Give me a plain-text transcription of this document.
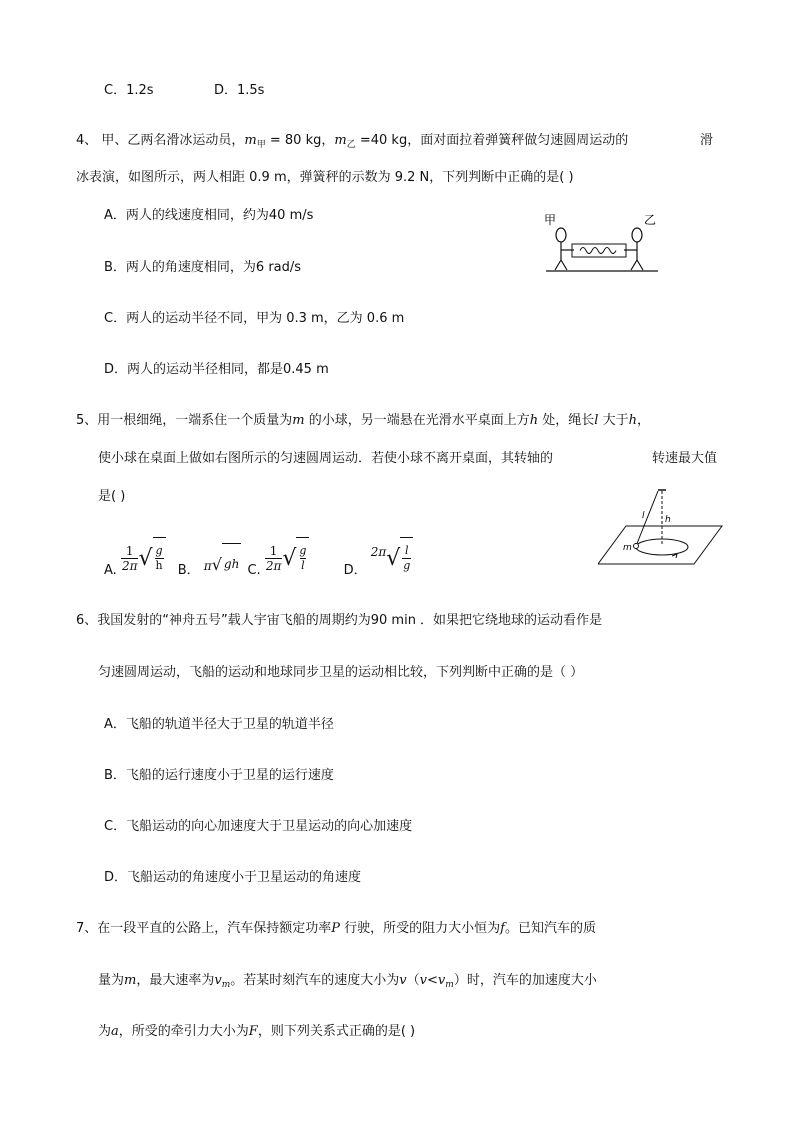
C．1.2s	D．1.5s
4、 甲、乙两名滑冰运动员，$m_甲 = 80$ kg，$m_乙 =40$ kg，面对面拉着弹簧秤做匀速圆周运动的	滑
冰表演，如图所示，两人相距 0.9 m，弹簧秤的示数为 9.2 N，下列判断中正确的是( )
A．两人的线速度相同，约为40 m/s
B．两人的角速度相同，为6 rad/s
C．两人的运动半径不同，甲为 0.3 m，乙为 0.6 m
D．两人的运动半径相同，都是0.45 m
甲	乙
5、用一根细绳，一端系住一个质量为m 的小球，另一端悬在光滑水平桌面上方h 处，绳长l 大于h，
使小球在桌面上做如右图所示的匀速圆周运动．若使小球不离开桌面，其转轴的	转速最大值
是( )
A. $\frac{1}{2\pi}$ √ $\frac{g}{h}$ B． π √ gh C. $\frac{1}{2\pi}$ √ $\frac{g}{l}$	D． 2π √ $\frac{l}{g}$
l h
m
6、我国发射的“神舟五号”载人宇宙飞船的周期约为90 min ．如果把它绕地球的运动看作是
匀速圆周运动，飞船的运动和地球同步卫星的运动相比较，下列判断中正确的是（ ）
A．飞船的轨道半径大于卫星的轨道半径
B．飞船的运行速度小于卫星的运行速度
C．飞船运动的向心加速度大于卫星运动的向心加速度
D．飞船运动的角速度小于卫星运动的角速度
7、在一段平直的公路上，汽车保持额定功率P 行驶，所受的阻力大小恒为f。已知汽车的质
量为m，最大速率为$v_m$。若某时刻汽车的速度大小为$v(v<v_m)$时，汽车的加速度大小
为a，所受的牵引力大小为F，则下列关系式正确的是( )
